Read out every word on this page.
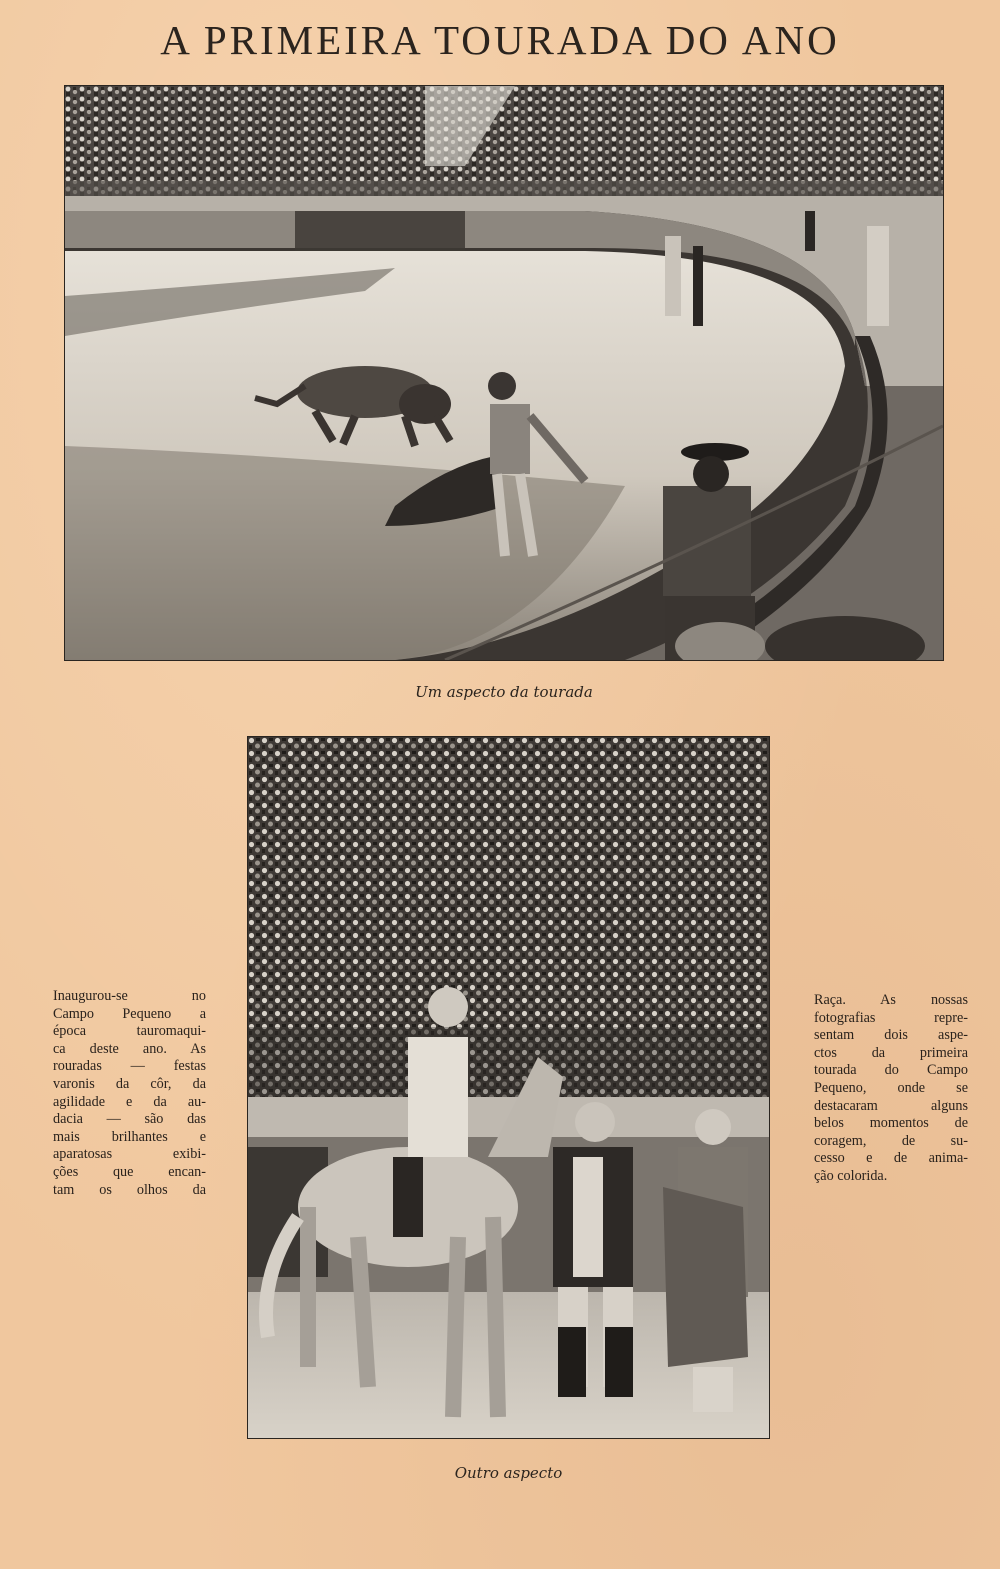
A PRIMEIRA TOURADA DO ANO
Um aspecto da tourada
Inaugurou-se no
Campo Pequeno a
época tauromaqui-
ca deste ano. As
rouradas — festas
varonis da côr, da
agilidade e da au-
dacia — são das
mais brilhantes e
aparatosas exibi-
ções que encan-
tam os olhos da
Outro aspecto
Raça. As nossas
fotografias repre-
sentam dois aspe-
ctos da primeira
tourada do Campo
Pequeno, onde se
destacaram alguns
belos momentos de
coragem, de su-
cesso e de anima-
ção colorida.
